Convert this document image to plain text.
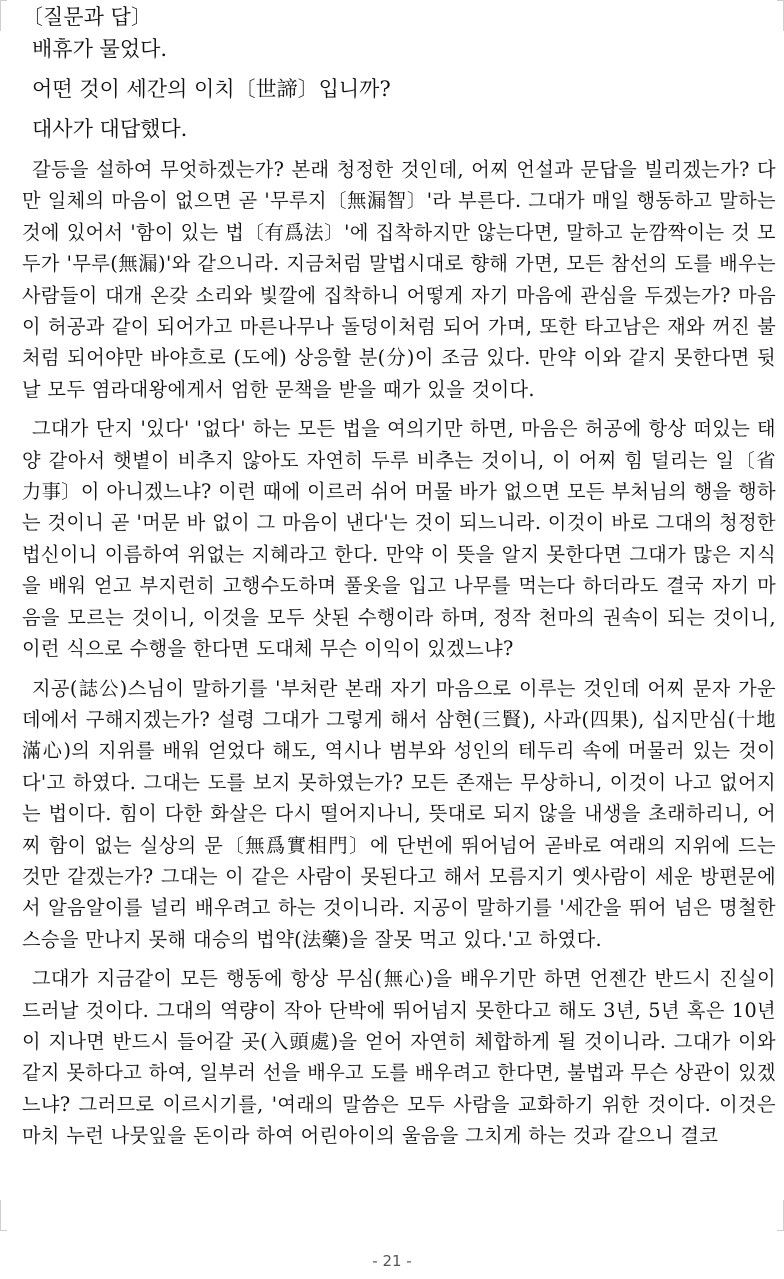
〔질문과 답〕

배휴가 물었다.

어떤 것이 세간의 이치〔世諦〕입니까?

대사가 대답했다.

갈등을 설하여 무엇하겠는가? 본래 청정한 것인데, 어찌 언설과 문답을 빌리겠는가? 다만 일체의 마음이 없으면 곧 '무루지〔無漏智〕'라 부른다. 그대가 매일 행동하고 말하는 것에 있어서 '함이 있는 법〔有爲法〕'에 집착하지만 않는다면, 말하고 눈깜짝이는 것 모두가 '무루(無漏)'와 같으니라. 지금처럼 말법시대로 향해 가면, 모든 참선의 도를 배우는 사람들이 대개 온갖 소리와 빛깔에 집착하니 어떻게 자기 마음에 관심을 두겠는가? 마음이 허공과 같이 되어가고 마른나무나 돌덩이처럼 되어 가며, 또한 타고남은 재와 꺼진 불처럼 되어야만 바야흐로 (도에) 상응할 분(分)이 조금 있다. 만약 이와 같지 못한다면 뒷날 모두 염라대왕에게서 엄한 문책을 받을 때가 있을 것이다.

그대가 단지 '있다' '없다' 하는 모든 법을 여의기만 하면, 마음은 허공에 항상 떠있는 태양 같아서 햇볕이 비추지 않아도 자연히 두루 비추는 것이니, 이 어찌 힘 덜리는 일〔省力事〕이 아니겠느냐? 이런 때에 이르러 쉬어 머물 바가 없으면 모든 부처님의 행을 행하는 것이니 곧 '머문 바 없이 그 마음이 낸다'는 것이 되느니라. 이것이 바로 그대의 청정한 법신이니 이름하여 위없는 지혜라고 한다. 만약 이 뜻을 알지 못한다면 그대가 많은 지식을 배워 얻고 부지런히 고행수도하며 풀옷을 입고 나무를 먹는다 하더라도 결국 자기 마음을 모르는 것이니, 이것을 모두 삿된 수행이라 하며, 정작 천마의 권속이 되는 것이니, 이런 식으로 수행을 한다면 도대체 무슨 이익이 있겠느냐?

지공(誌公)스님이 말하기를 '부처란 본래 자기 마음으로 이루는 것인데 어찌 문자 가운데에서 구해지겠는가? 설령 그대가 그렇게 해서 삼현(三賢), 사과(四果), 십지만심(十地滿心)의 지위를 배워 얻었다 해도, 역시나 범부와 성인의 테두리 속에 머물러 있는 것이다'고 하였다. 그대는 도를 보지 못하였는가? 모든 존재는 무상하니, 이것이 나고 없어지는 법이다. 힘이 다한 화살은 다시 떨어지나니, 뜻대로 되지 않을 내생을 초래하리니, 어찌 함이 없는 실상의 문〔無爲實相門〕에 단번에 뛰어넘어 곧바로 여래의 지위에 드는 것만 같겠는가? 그대는 이 같은 사람이 못된다고 해서 모름지기 옛사람이 세운 방편문에서 알음알이를 널리 배우려고 하는 것이니라. 지공이 말하기를 '세간을 뛰어 넘은 명철한 스승을 만나지 못해 대승의 법약(法藥)을 잘못 먹고 있다.'고 하였다.

그대가 지금같이 모든 행동에 항상 무심(無心)을 배우기만 하면 언젠간 반드시 진실이 드러날 것이다. 그대의 역량이 작아 단박에 뛰어넘지 못한다고 해도 3년, 5년 혹은 10년이 지나면 반드시 들어갈 곳(入頭處)을 얻어 자연히 체합하게 될 것이니라. 그대가 이와 같지 못하다고 하여, 일부러 선을 배우고 도를 배우려고 한다면, 불법과 무슨 상관이 있겠느냐? 그러므로 이르시기를, '여래의 말씀은 모두 사람을 교화하기 위한 것이다. 이것은 마치 누런 나뭇잎을 돈이라 하여 어린아이의 울음을 그치게 하는 것과 같으니 결코

- 21 -
